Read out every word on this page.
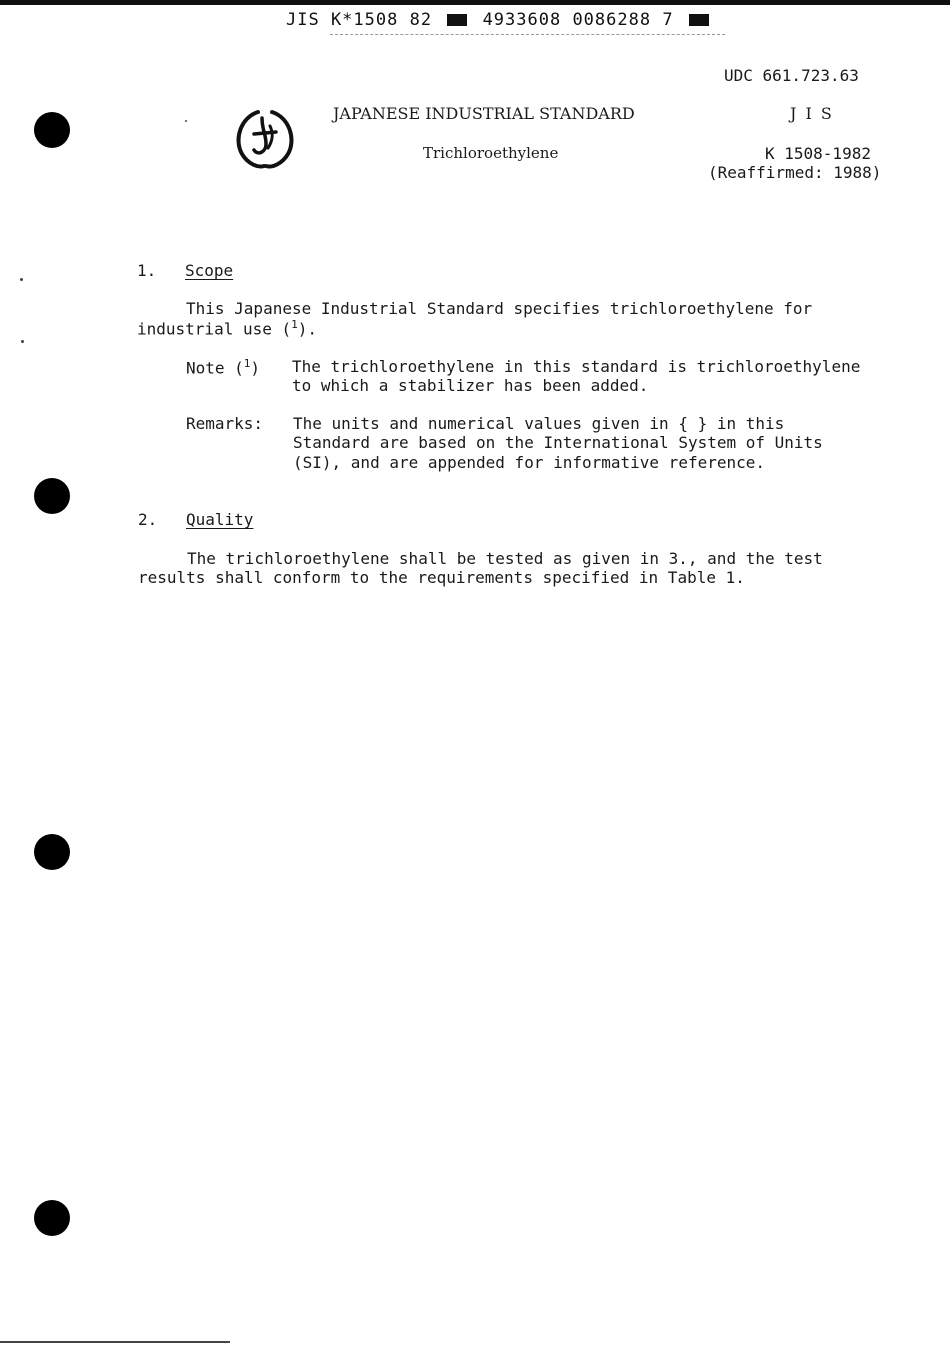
JIS K*1508 82	4933608 0086288 7
UDC 661.723.63
JAPANESE INDUSTRIAL STANDARD	J I S
Trichloroethylene	K 1508-1982
(Reaffirmed: 1988)
1. Scope
This Japanese Industrial Standard specifies trichloroethylene for
industrial use ($^1$).
Note ($^1$) The trichloroethylene in this standard is trichloroethylene
to which a stabilizer has been added.
Remarks: The units and numerical values given in { } in this
Standard are based on the International System of Units
(SI), and are appended for informative reference.
2. Quality
The trichloroethylene shall be tested as given in 3., and the test
results shall conform to the requirements specified in Table 1.
